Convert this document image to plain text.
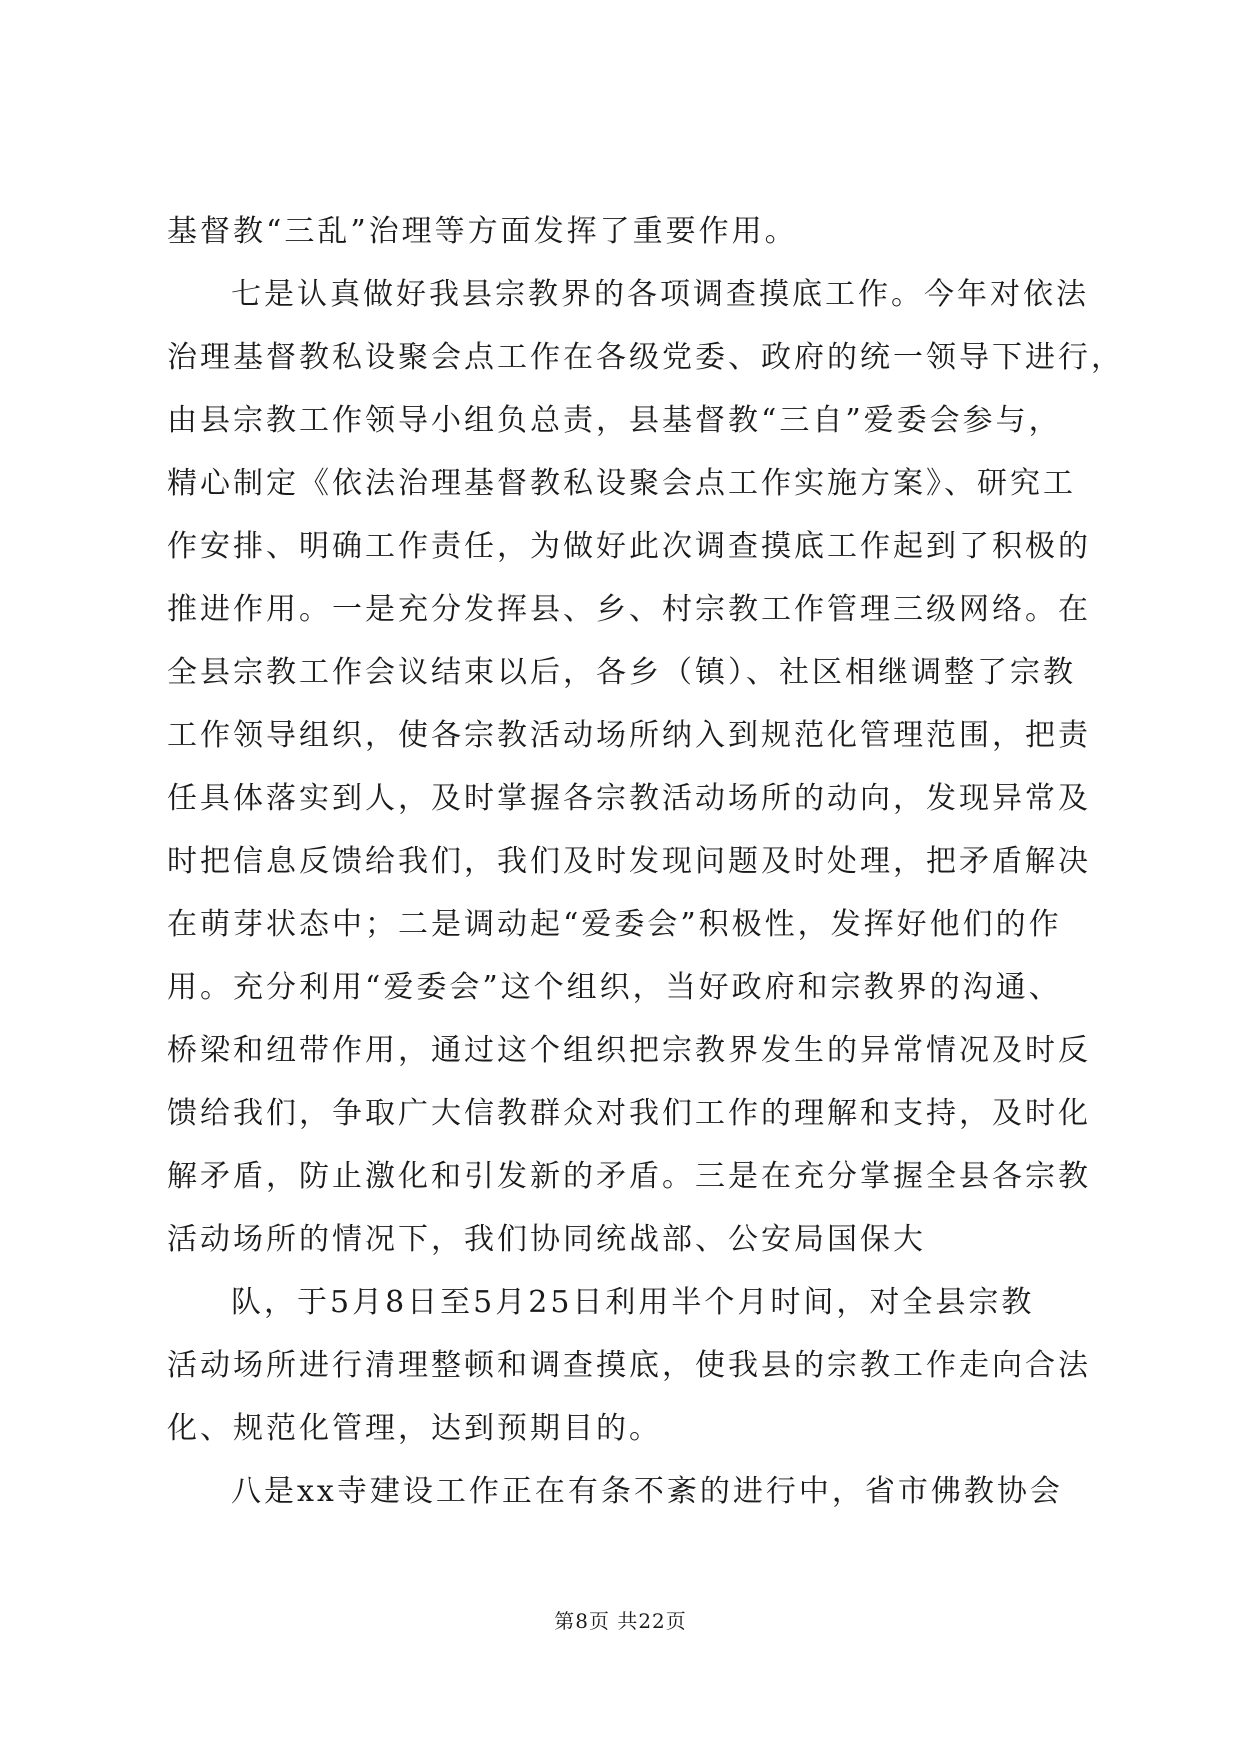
基督教“三乱”治理等方面发挥了重要作用。

七是认真做好我县宗教界的各项调查摸底工作。今年对依法

治理基督教私设聚会点工作在各级党委、政府的统一领导下进行，

由县宗教工作领导小组负总责，县基督教“三自”爱委会参与，

精心制定《依法治理基督教私设聚会点工作实施方案》、研究工

作安排、明确工作责任，为做好此次调查摸底工作起到了积极的

推进作用。一是充分发挥县、乡、村宗教工作管理三级网络。在

全县宗教工作会议结束以后，各乡（镇）、社区相继调整了宗教

工作领导组织，使各宗教活动场所纳入到规范化管理范围，把责

任具体落实到人，及时掌握各宗教活动场所的动向，发现异常及

时把信息反馈给我们，我们及时发现问题及时处理，把矛盾解决

在萌芽状态中；二是调动起“爱委会”积极性，发挥好他们的作

用。充分利用“爱委会”这个组织，当好政府和宗教界的沟通、

桥梁和纽带作用，通过这个组织把宗教界发生的异常情况及时反

馈给我们，争取广大信教群众对我们工作的理解和支持，及时化

解矛盾，防止激化和引发新的矛盾。三是在充分掌握全县各宗教

活动场所的情况下，我们协同统战部、公安局国保大

队，于5月8日至5月25日利用半个月时间，对全县宗教

活动场所进行清理整顿和调查摸底，使我县的宗教工作走向合法

化、规范化管理，达到预期目的。

八是xx寺建设工作正在有条不紊的进行中，省市佛教协会

第8页 共22页
